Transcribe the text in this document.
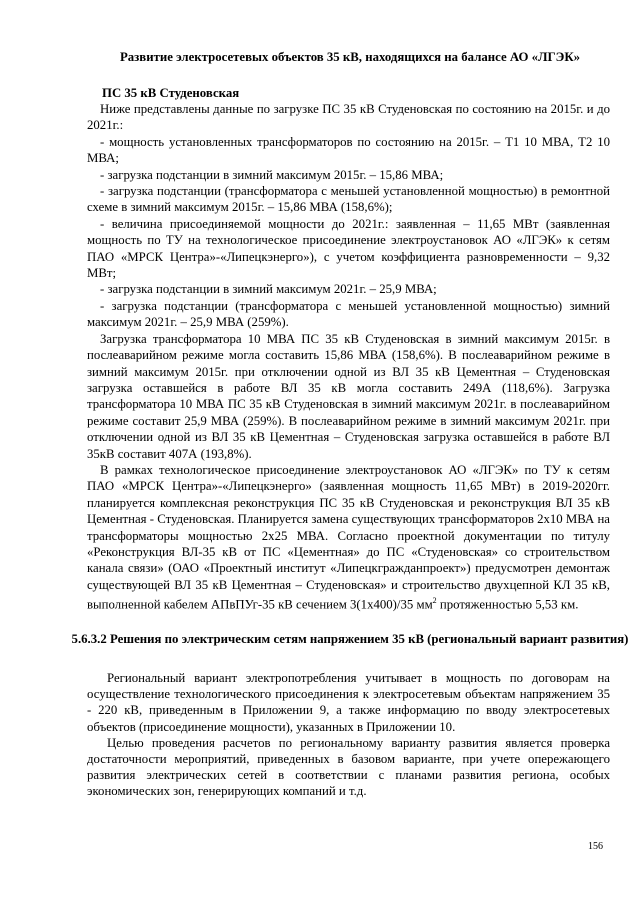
Развитие электросетевых объектов 35 кВ, находящихся на балансе АО «ЛГЭК»
ПС 35 кВ Студеновская

Ниже представлены данные по загрузке ПС 35 кВ Студеновская по состоянию на 2015г. и до 2021г.:

- мощность установленных трансформаторов по состоянию на 2015г. – Т1 10 МВА, Т2 10 МВА;

- загрузка подстанции в зимний максимум 2015г. – 15,86 МВА;

- загрузка подстанции (трансформатора с меньшей установленной мощностью) в ремонтной схеме в зимний максимум 2015г. – 15,86 МВА (158,6%);

- величина присоединяемой мощности до 2021г.: заявленная – 11,65 МВт (заявленная мощность по ТУ на технологическое присоединение электроустановок АО «ЛГЭК» к сетям ПАО «МРСК Центра»-«Липецкэнерго»), с учетом коэффициента разновременности – 9,32 МВт;

- загрузка подстанции в зимний максимум 2021г. – 25,9 МВА;

- загрузка подстанции (трансформатора с меньшей установленной мощностью) зимний максимум 2021г. – 25,9 МВА (259%).

Загрузка трансформатора 10 МВА ПС 35 кВ Студеновская в зимний максимум 2015г. в послеаварийном режиме могла составить 15,86 МВА (158,6%). В послеаварийном режиме в зимний максимум 2015г. при отключении одной из ВЛ 35 кВ Цементная – Студеновская загрузка оставшейся в работе ВЛ 35 кВ могла составить 249А (118,6%). Загрузка трансформатора 10 МВА ПС 35 кВ Студеновская в зимний максимум 2021г. в послеаварийном режиме составит 25,9 МВА (259%). В послеаварийном режиме в зимний максимум 2021г. при отключении одной из ВЛ 35 кВ Цементная – Студеновская загрузка оставшейся в работе ВЛ 35кВ составит 407А (193,8%).

В рамках технологическое присоединение электроустановок АО «ЛГЭК» по ТУ к сетям ПАО «МРСК Центра»-«Липецкэнерго» (заявленная мощность 11,65 МВт) в 2019-2020гг. планируется комплексная реконструкция ПС 35 кВ Студеновская и реконструкция ВЛ 35 кВ Цементная - Студеновская. Планируется замена существующих трансформаторов 2х10 МВА на трансформаторы мощностью 2х25 МВА. Согласно проектной документации по титулу «Реконструкция ВЛ-35 кВ от ПС «Цементная» до ПС «Студеновская» со строительством канала связи» (ОАО «Проектный институт «Липецкгражданпроект») предусмотрен демонтаж существующей ВЛ 35 кВ Цементная – Студеновская» и строительство двухцепной КЛ 35 кВ, выполненной кабелем АПвПУг-35 кВ сечением 3(1х400)/35 $мм^2$ протяженностью 5,53 км.

5.6.3.2 Решения по электрическим сетям напряжением 35 кВ (региональный вариант развития)

Региональный вариант электропотребления учитывает в мощность по договорам на осуществление технологического присоединения к электросетевым объектам напряжением 35 - 220 кВ, приведенным в Приложении 9, а также информацию по вводу электросетевых объектов (присоединение мощности), указанных в Приложении 10.

Целью проведения расчетов по региональному варианту развития является проверка достаточности мероприятий, приведенных в базовом варианте, при учете опережающего развития электрических сетей в соответствии с планами развития региона, особых экономических зон, генерирующих компаний и т.д.

156
